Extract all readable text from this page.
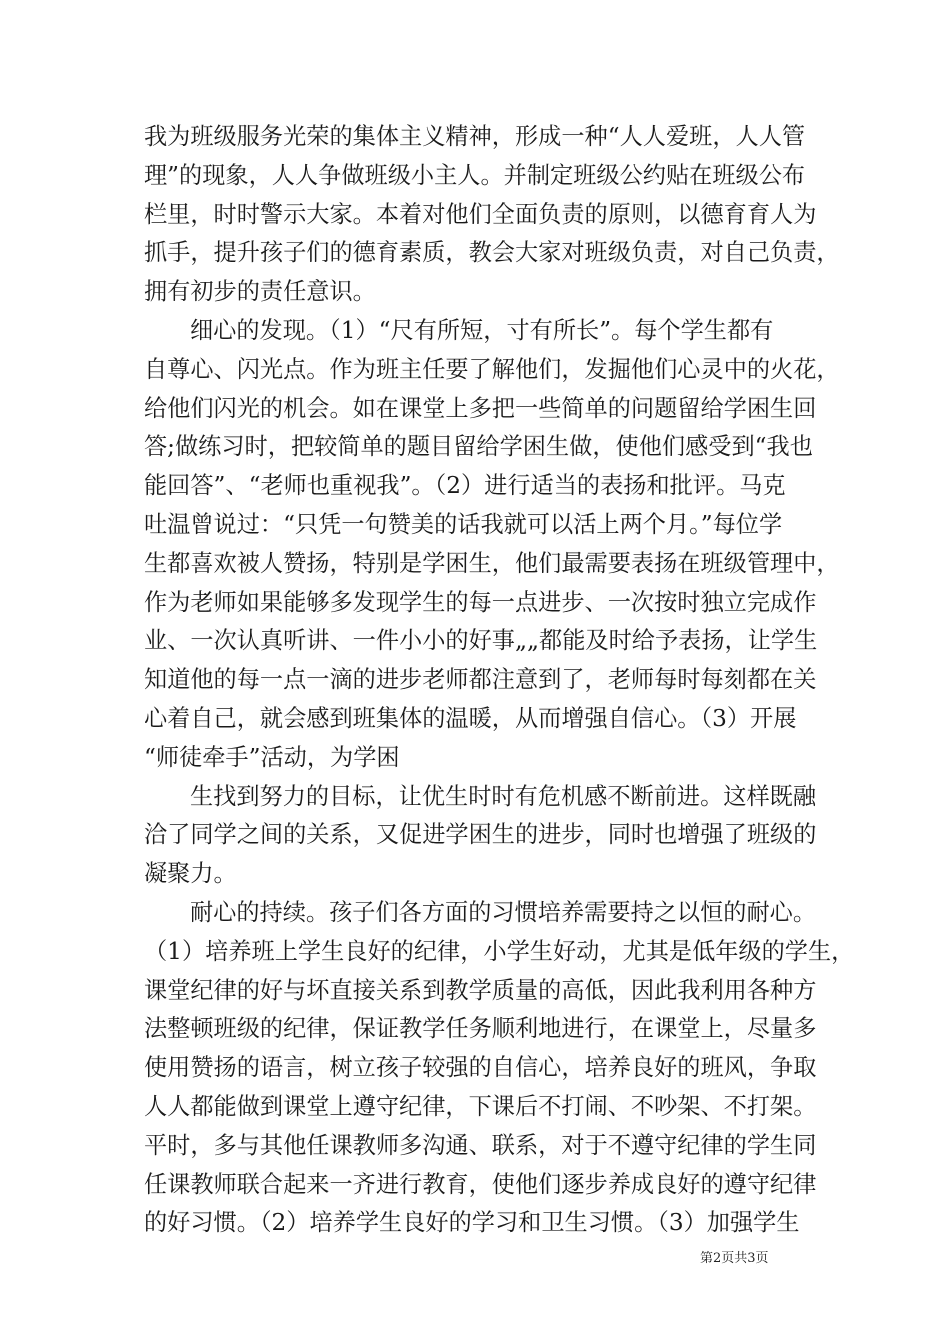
我为班级服务光荣的集体主义精神，形成一种“人人爱班，人人管
理”的现象，人人争做班级小主人。并制定班级公约贴在班级公布
栏里，时时警示大家。本着对他们全面负责的原则，以德育育人为
抓手，提升孩子们的德育素质，教会大家对班级负责，对自己负责，
拥有初步的责任意识。
细心的发现。（1）“尺有所短，寸有所长”。每个学生都有
自尊心、闪光点。作为班主任要了解他们，发掘他们心灵中的火花，
给他们闪光的机会。如在课堂上多把一些简单的问题留给学困生回
答;做练习时，把较简单的题目留给学困生做，使他们感受到“我也
能回答”、“老师也重视我”。（2）进行适当的表扬和批评。马克
吐温曾说过：“只凭一句赞美的话我就可以活上两个月。”每位学
生都喜欢被人赞扬，特别是学困生，他们最需要表扬在班级管理中，
作为老师如果能够多发现学生的每一点进步、一次按时独立完成作
业、一次认真听讲、一件小小的好事„„都能及时给予表扬，让学生
知道他的每一点一滴的进步老师都注意到了，老师每时每刻都在关
心着自己，就会感到班集体的温暖，从而增强自信心。（3）开展
“师徒牵手”活动，为学困
生找到努力的目标，让优生时时有危机感不断前进。这样既融
洽了同学之间的关系，又促进学困生的进步，同时也增强了班级的
凝聚力。
耐心的持续。孩子们各方面的习惯培养需要持之以恒的耐心。
（1）培养班上学生良好的纪律，小学生好动，尤其是低年级的学生，
课堂纪律的好与坏直接关系到教学质量的高低，因此我利用各种方
法整顿班级的纪律，保证教学任务顺利地进行，在课堂上，尽量多
使用赞扬的语言，树立孩子较强的自信心，培养良好的班风，争取
人人都能做到课堂上遵守纪律，下课后不打闹、不吵架、不打架。
平时，多与其他任课教师多沟通、联系，对于不遵守纪律的学生同
任课教师联合起来一齐进行教育，使他们逐步养成良好的遵守纪律
的好习惯。（2）培养学生良好的学习和卫生习惯。（3）加强学生
第2页共3页
